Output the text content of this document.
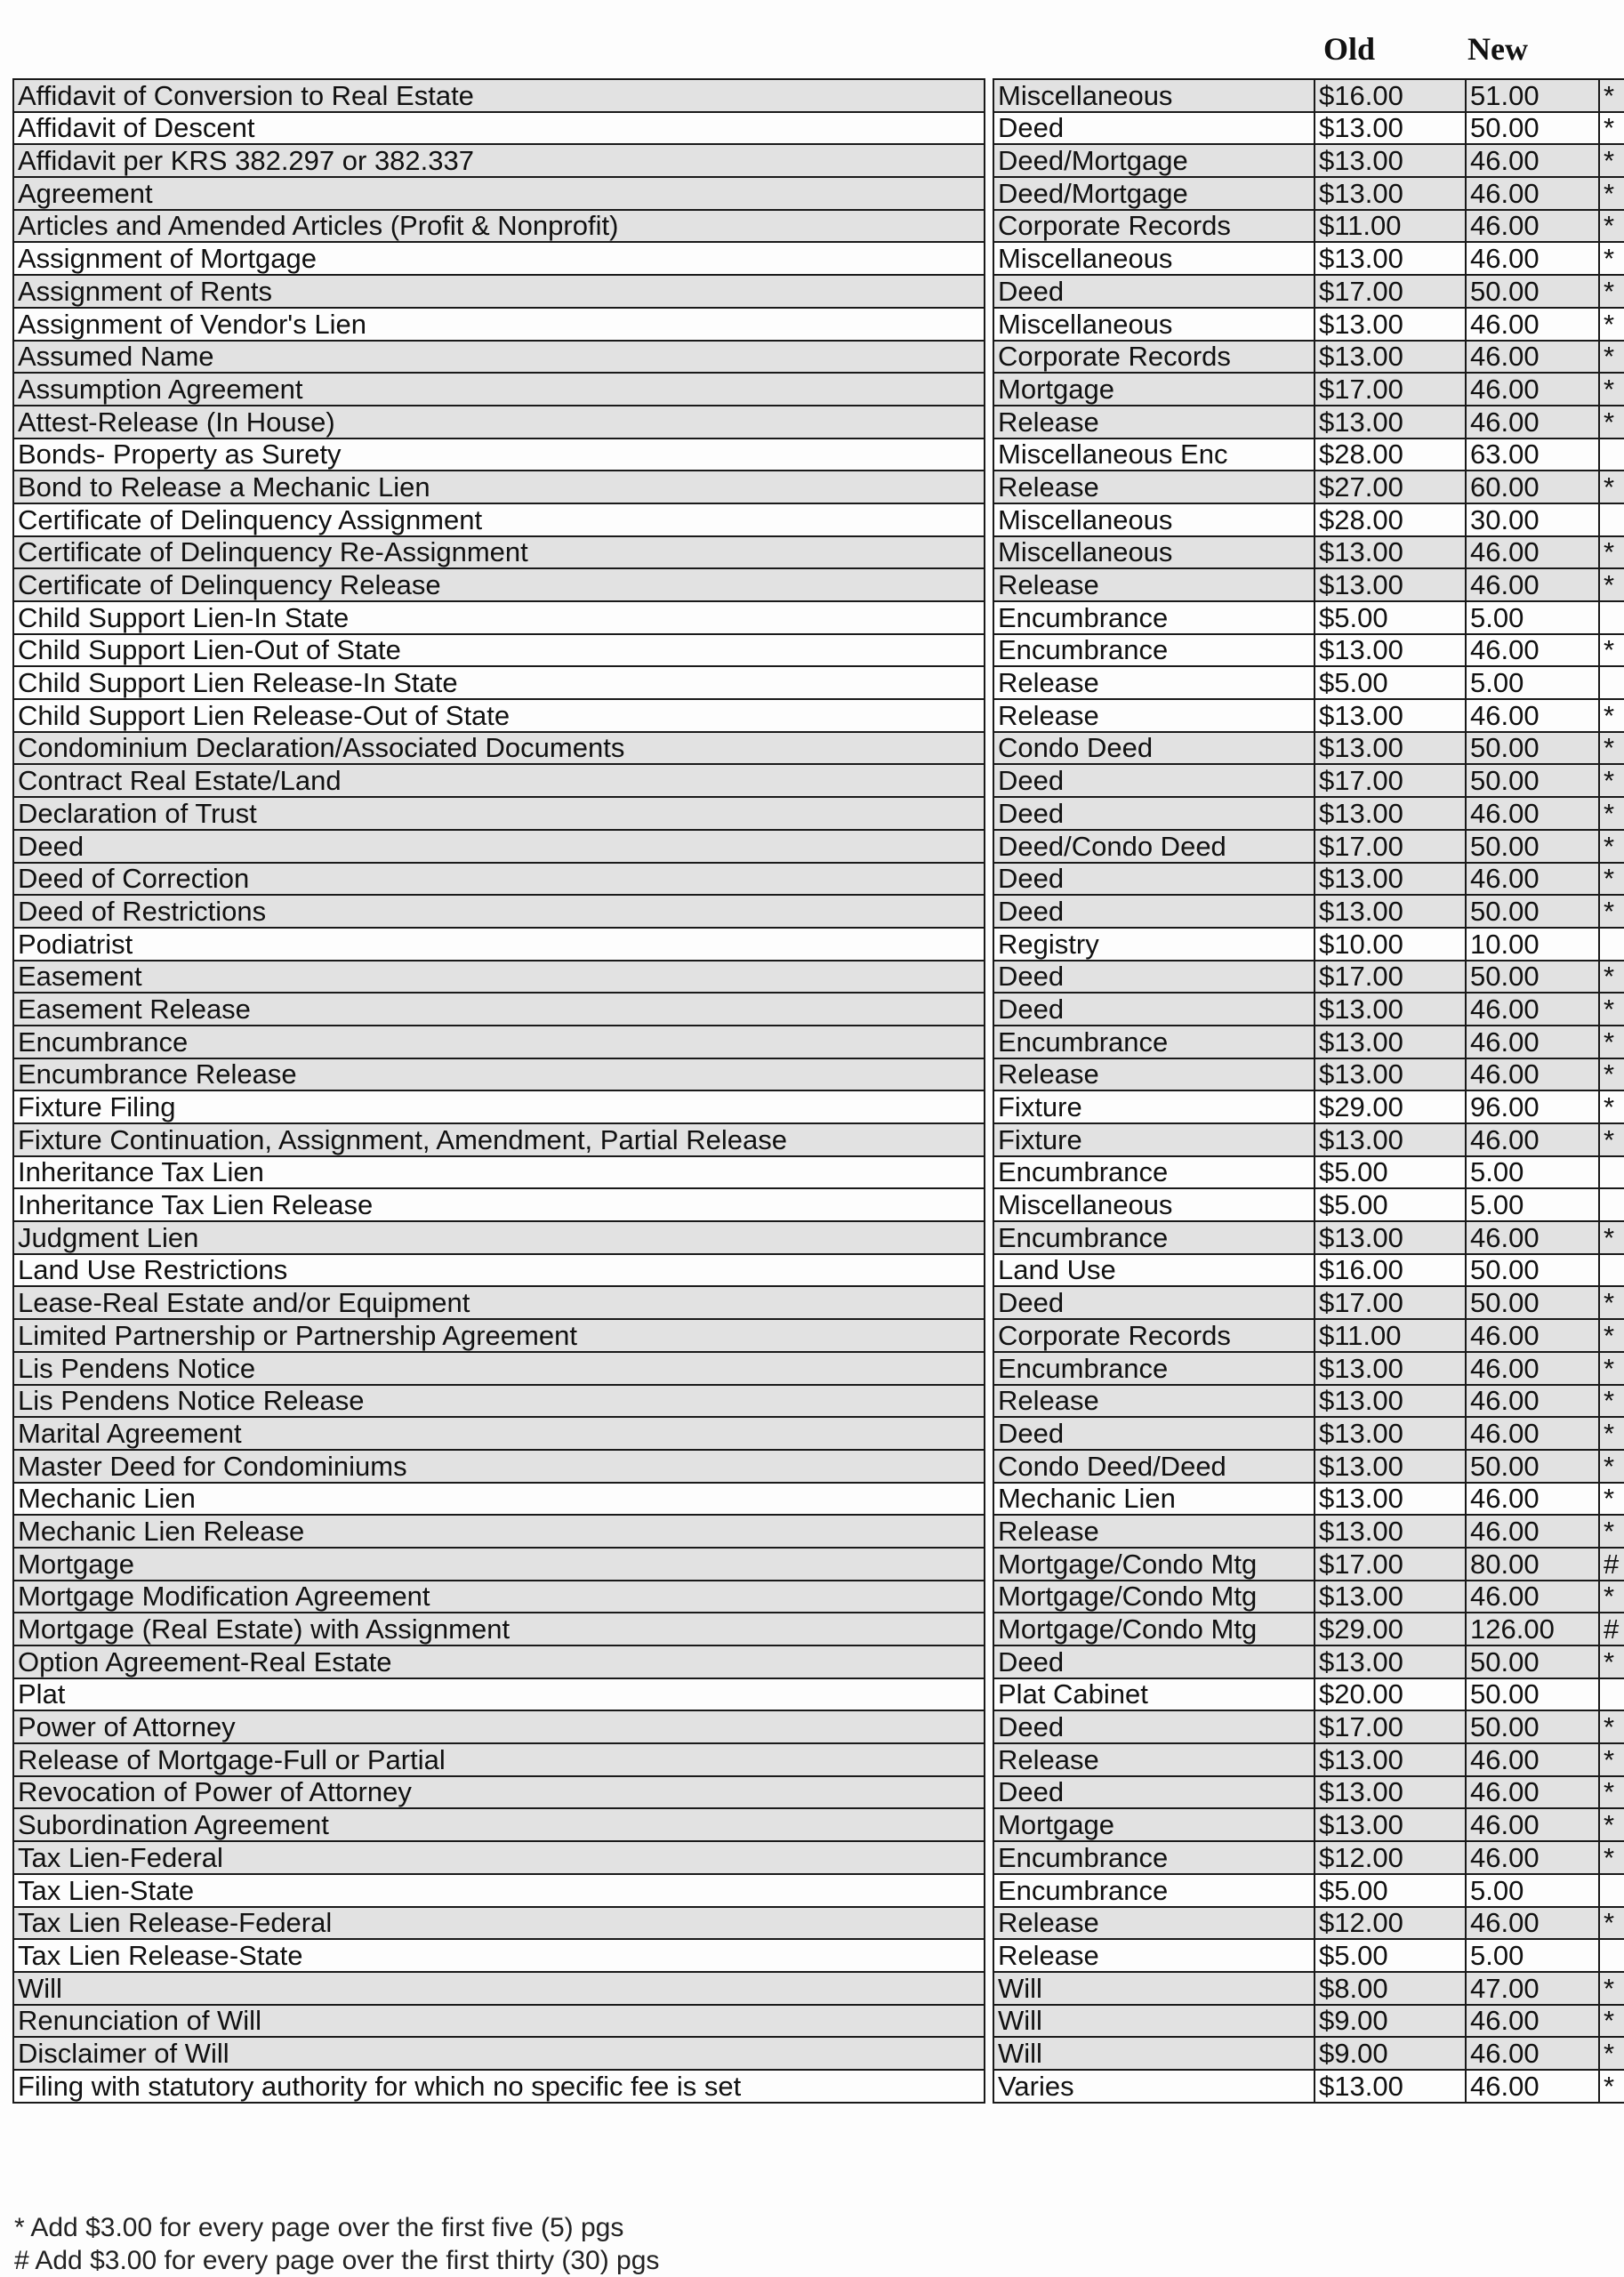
Old	New
Affidavit of Conversion to Real Estate		Miscellaneous	$16.00	51.00	*
Affidavit of Descent		Deed	$13.00	50.00	*
Affidavit per KRS 382.297 or 382.337		Deed/Mortgage	$13.00	46.00	*
Agreement		Deed/Mortgage	$13.00	46.00	*
Articles and Amended Articles (Profit & Nonprofit)		Corporate Records	$11.00	46.00	*
Assignment of Mortgage		Miscellaneous	$13.00	46.00	*
Assignment of Rents		Deed	$17.00	50.00	*
Assignment of Vendor's Lien		Miscellaneous	$13.00	46.00	*
Assumed Name		Corporate Records	$13.00	46.00	*
Assumption Agreement		Mortgage	$17.00	46.00	*
Attest-Release (In House)		Release	$13.00	46.00	*
Bonds- Property as Surety		Miscellaneous Enc	$28.00	63.00	
Bond to Release a Mechanic Lien		Release	$27.00	60.00	*
Certificate of Delinquency Assignment		Miscellaneous	$28.00	30.00	
Certificate of Delinquency Re-Assignment		Miscellaneous	$13.00	46.00	*
Certificate of Delinquency Release		Release	$13.00	46.00	*
Child Support Lien-In State		Encumbrance	$5.00	5.00	
Child Support Lien-Out of State		Encumbrance	$13.00	46.00	*
Child Support Lien Release-In State		Release	$5.00	5.00	
Child Support Lien Release-Out of State		Release	$13.00	46.00	*
Condominium Declaration/Associated Documents		Condo Deed	$13.00	50.00	*
Contract Real Estate/Land		Deed	$17.00	50.00	*
Declaration of Trust		Deed	$13.00	46.00	*
Deed		Deed/Condo Deed	$17.00	50.00	*
Deed of Correction		Deed	$13.00	46.00	*
Deed of Restrictions		Deed	$13.00	50.00	*
Podiatrist		Registry	$10.00	10.00	
Easement		Deed	$17.00	50.00	*
Easement Release		Deed	$13.00	46.00	*
Encumbrance		Encumbrance	$13.00	46.00	*
Encumbrance Release		Release	$13.00	46.00	*
Fixture Filing		Fixture	$29.00	96.00	*
Fixture Continuation, Assignment, Amendment, Partial Release		Fixture	$13.00	46.00	*
Inheritance Tax Lien		Encumbrance	$5.00	5.00	
Inheritance Tax Lien Release		Miscellaneous	$5.00	5.00	
Judgment Lien		Encumbrance	$13.00	46.00	*
Land Use Restrictions		Land Use	$16.00	50.00	
Lease-Real Estate and/or Equipment		Deed	$17.00	50.00	*
Limited Partnership or Partnership Agreement		Corporate Records	$11.00	46.00	*
Lis Pendens Notice		Encumbrance	$13.00	46.00	*
Lis Pendens Notice Release		Release	$13.00	46.00	*
Marital Agreement		Deed	$13.00	46.00	*
Master Deed for Condominiums		Condo Deed/Deed	$13.00	50.00	*
Mechanic Lien		Mechanic Lien	$13.00	46.00	*
Mechanic Lien Release		Release	$13.00	46.00	*
Mortgage		Mortgage/Condo Mtg	$17.00	80.00	#
Mortgage Modification Agreement		Mortgage/Condo Mtg	$13.00	46.00	*
Mortgage (Real Estate) with Assignment		Mortgage/Condo Mtg	$29.00	126.00	#
Option Agreement-Real Estate		Deed	$13.00	50.00	*
Plat		Plat Cabinet	$20.00	50.00	
Power of Attorney		Deed	$17.00	50.00	*
Release of Mortgage-Full or Partial		Release	$13.00	46.00	*
Revocation of Power of Attorney		Deed	$13.00	46.00	*
Subordination Agreement		Mortgage	$13.00	46.00	*
Tax Lien-Federal		Encumbrance	$12.00	46.00	*
Tax Lien-State		Encumbrance	$5.00	5.00	
Tax Lien Release-Federal		Release	$12.00	46.00	*
Tax Lien Release-State		Release	$5.00	5.00	
Will		Will	$8.00	47.00	*
Renunciation of Will		Will	$9.00	46.00	*
Disclaimer of Will		Will	$9.00	46.00	*
Filing with statutory authority for which no specific fee is set		Varies	$13.00	46.00	*
* Add $3.00 for every page over the first five (5) pgs
# Add $3.00 for every page over the first thirty (30) pgs
